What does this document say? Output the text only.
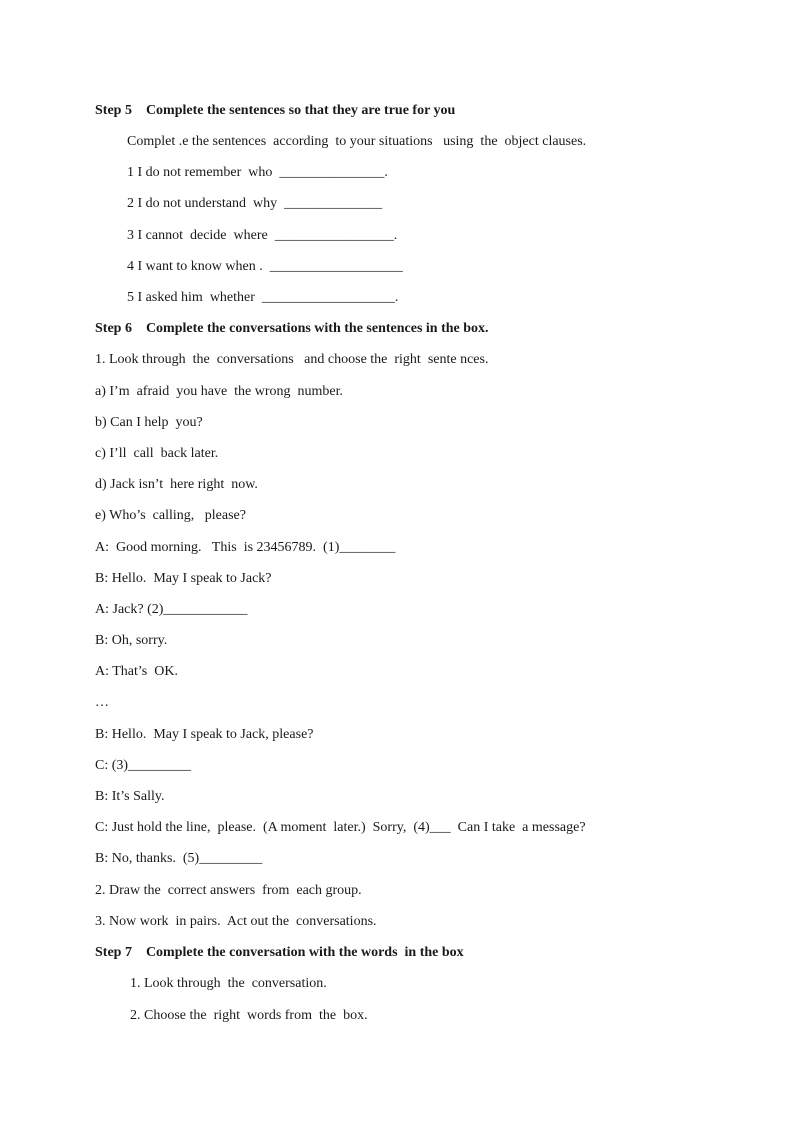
Step 5    Complete the sentences so that they are true for you
Complet .e the sentences  according  to your situations   using  the  object clauses.
1 I do not remember  who  _______________.
2 I do not understand  why  ______________
3 I cannot  decide  where  _________________.
4 I want to know when .  ___________________
5 I asked him  whether  ___________________.
Step 6    Complete the conversations with the sentences in the box.
1. Look through  the  conversations   and choose the  right  sente nces.
a) I’m  afraid  you have  the wrong  number.
b) Can I help  you?
c) I’ll  call  back later.
d) Jack isn’t  here right  now.
e) Who’s  calling,   please?
A:  Good morning.   This  is 23456789.  (1)________
B: Hello.  May I speak to Jack?
A: Jack? (2)____________
B: Oh, sorry.
A: That’s  OK.
…
B: Hello.  May I speak to Jack, please?
C: (3)_________
B: It’s Sally.
C: Just hold the line,  please.  (A moment  later.)  Sorry,  (4)___  Can I take  a message?
B: No, thanks.  (5)_________
2. Draw the  correct answers  from  each group.
3. Now work  in pairs.  Act out the  conversations.
Step 7    Complete the conversation with the words  in the box
1. Look through  the  conversation.
2. Choose the  right  words from  the  box.
